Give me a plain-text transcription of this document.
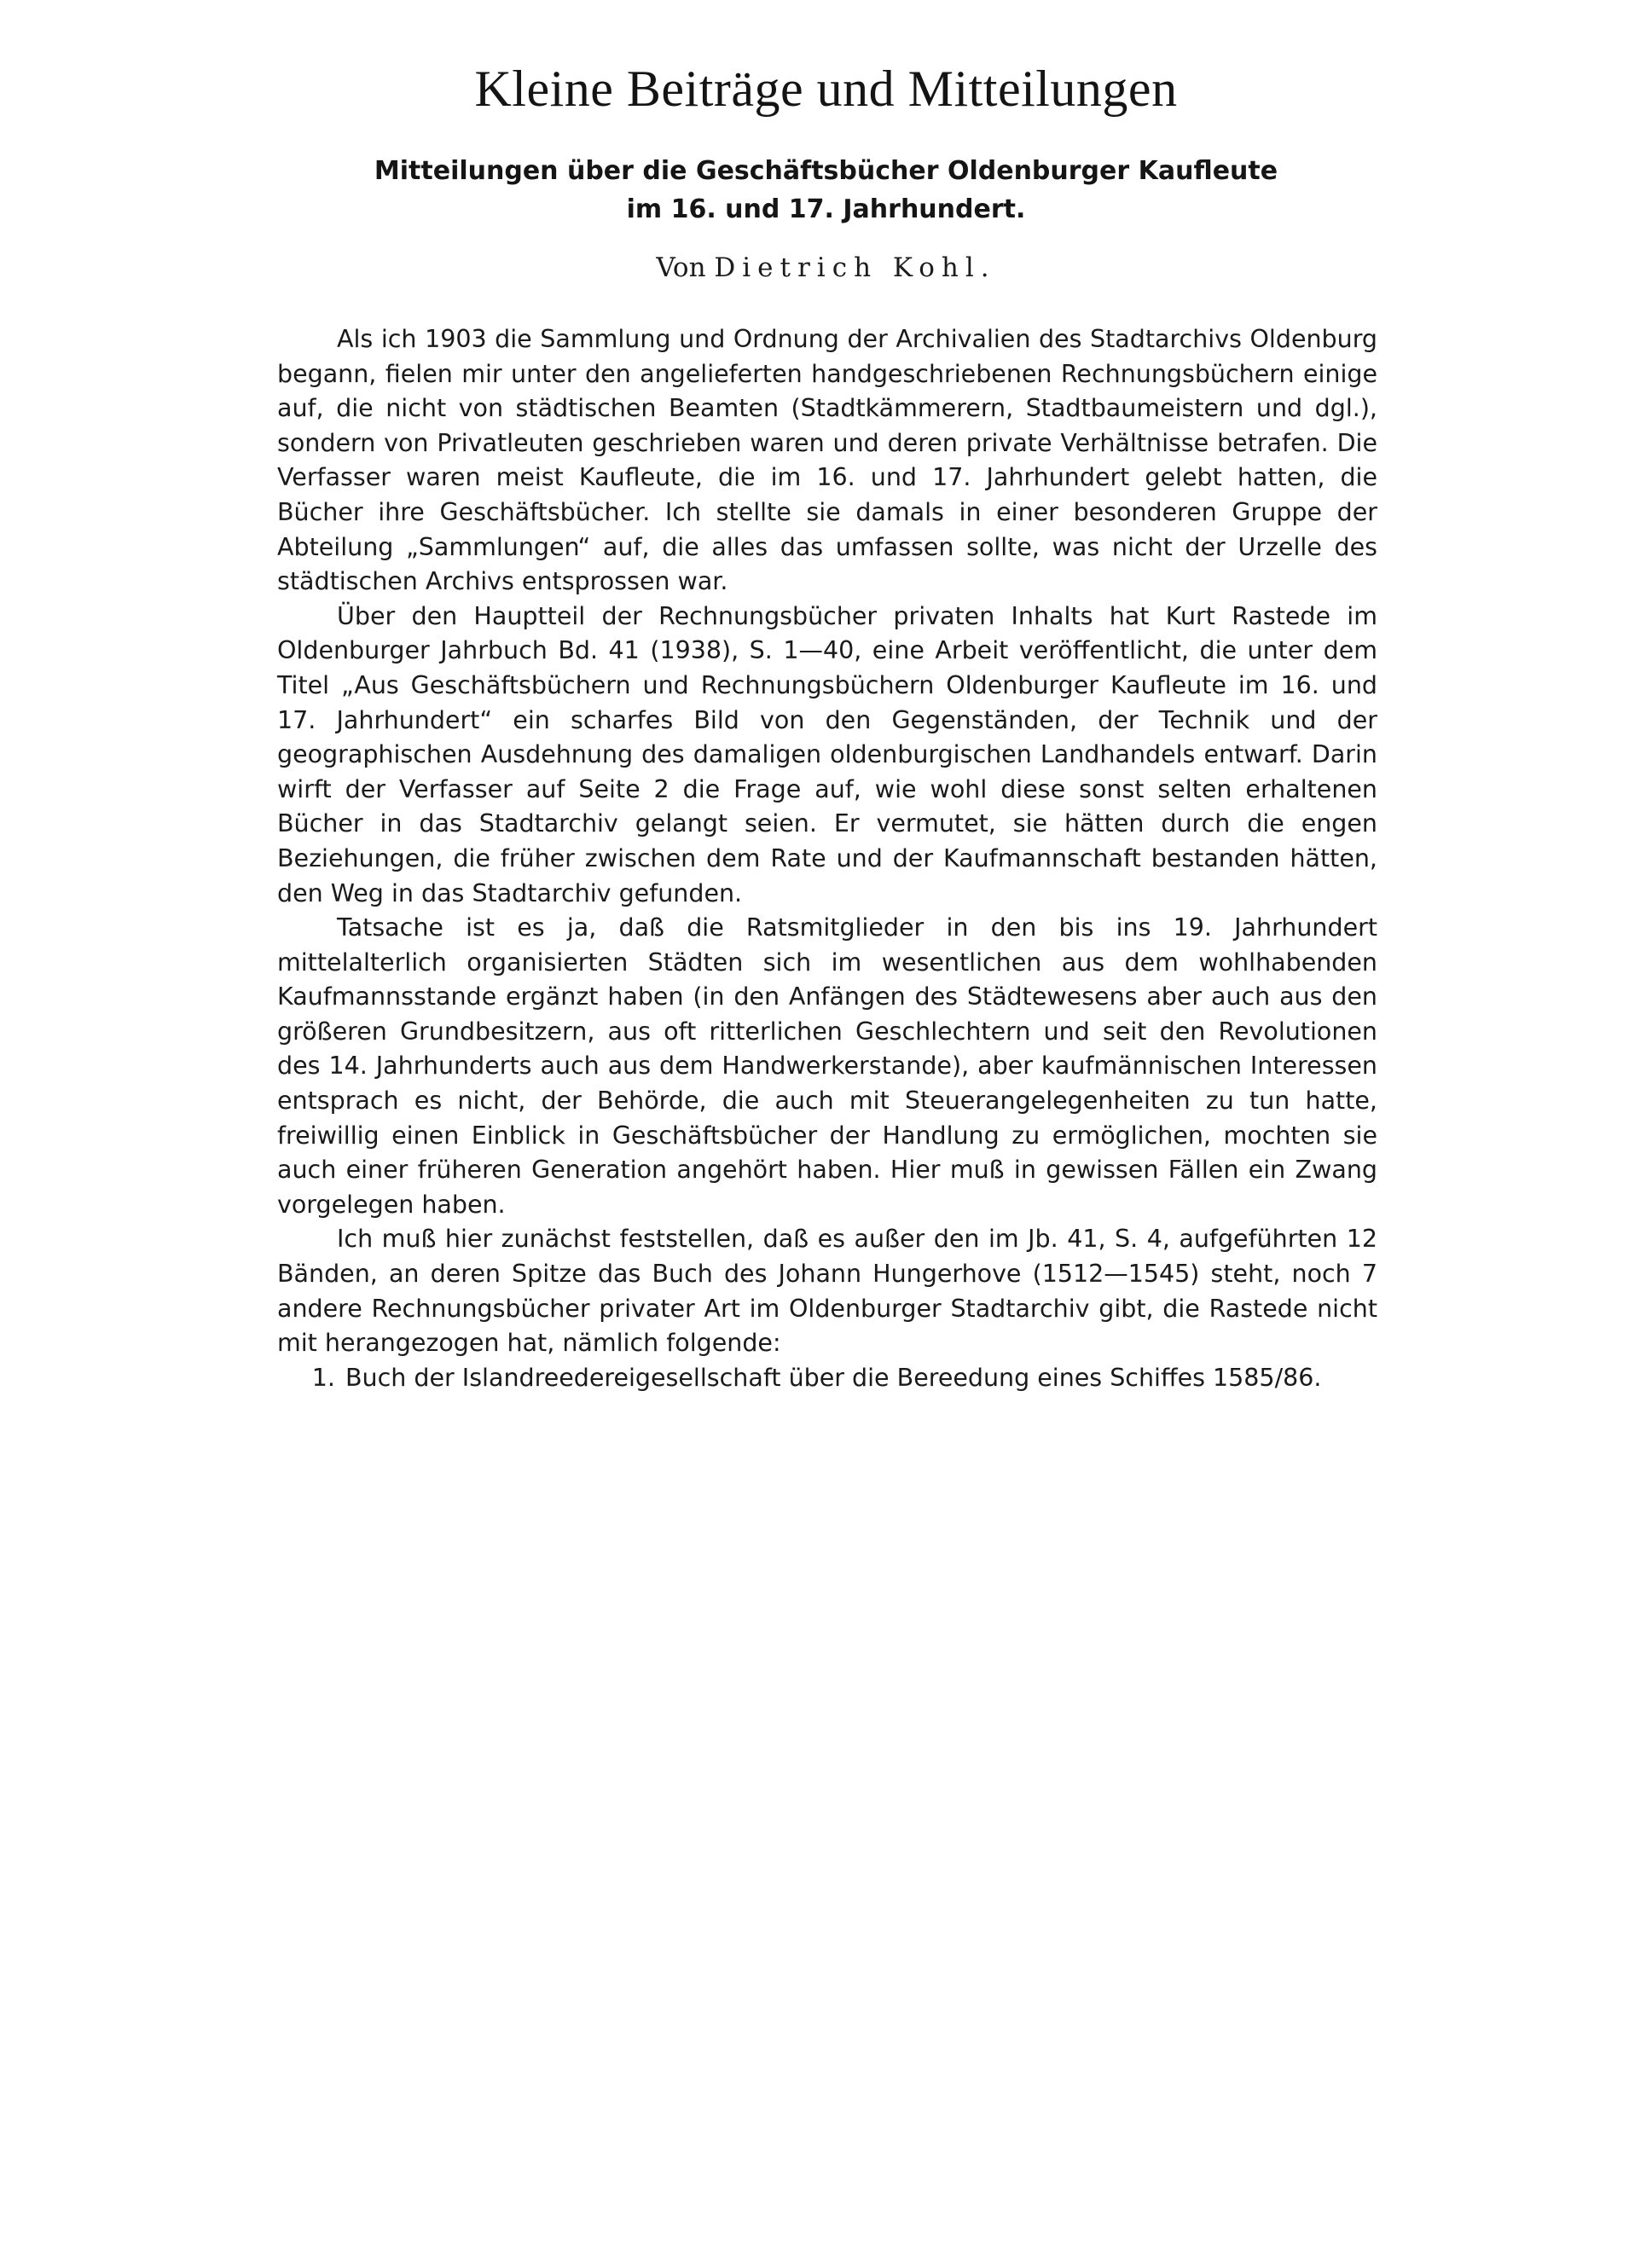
Kleine Beiträge und Mitteilungen
Mitteilungen über die Geschäftsbücher Oldenburger Kaufleute
im 16. und 17. Jahrhundert.

Von Dietrich Kohl.

Als ich 1903 die Sammlung und Ordnung der Archivalien des Stadtarchivs Oldenburg begann, fielen mir unter den angelieferten handgeschriebenen Rechnungsbüchern einige auf, die nicht von städtischen Beamten (Stadtkämmerern, Stadtbaumeistern und dgl.), sondern von Privatleuten geschrieben waren und deren private Verhältnisse betrafen. Die Verfasser waren meist Kaufleute, die im 16. und 17. Jahrhundert gelebt hatten, die Bücher ihre Geschäftsbücher. Ich stellte sie damals in einer besonderen Gruppe der Abteilung „Sammlungen“ auf, die alles das umfassen sollte, was nicht der Urzelle des städtischen Archivs entsprossen war.

Über den Hauptteil der Rechnungsbücher privaten Inhalts hat Kurt Rastede im Oldenburger Jahrbuch Bd. 41 (1938), S. 1—40, eine Arbeit veröffentlicht, die unter dem Titel „Aus Geschäftsbüchern und Rechnungsbüchern Oldenburger Kaufleute im 16. und 17. Jahrhundert“ ein scharfes Bild von den Gegenständen, der Technik und der geographischen Ausdehnung des damaligen oldenburgischen Landhandels entwarf. Darin wirft der Verfasser auf Seite 2 die Frage auf, wie wohl diese sonst selten erhaltenen Bücher in das Stadtarchiv gelangt seien. Er vermutet, sie hätten durch die engen Beziehungen, die früher zwischen dem Rate und der Kaufmannschaft bestanden hätten, den Weg in das Stadtarchiv gefunden.

Tatsache ist es ja, daß die Ratsmitglieder in den bis ins 19. Jahrhundert mittelalterlich organisierten Städten sich im wesentlichen aus dem wohlhabenden Kaufmannsstande ergänzt haben (in den Anfängen des Städtewesens aber auch aus den größeren Grundbesitzern, aus oft ritterlichen Geschlechtern und seit den Revolutionen des 14. Jahrhunderts auch aus dem Handwerkerstande), aber kaufmännischen Interessen entsprach es nicht, der Behörde, die auch mit Steuerangelegenheiten zu tun hatte, freiwillig einen Einblick in Geschäftsbücher der Handlung zu ermöglichen, mochten sie auch einer früheren Generation angehört haben. Hier muß in gewissen Fällen ein Zwang vorgelegen haben.

Ich muß hier zunächst feststellen, daß es außer den im Jb. 41, S. 4, aufgeführten 12 Bänden, an deren Spitze das Buch des Johann Hungerhove (1512—1545) steht, noch 7 andere Rechnungsbücher privater Art im Oldenburger Stadtarchiv gibt, die Rastede nicht mit herangezogen hat, nämlich folgende:

1. Buch der Islandreedereigesellschaft über die Bereedung eines Schiffes 1585/86.
